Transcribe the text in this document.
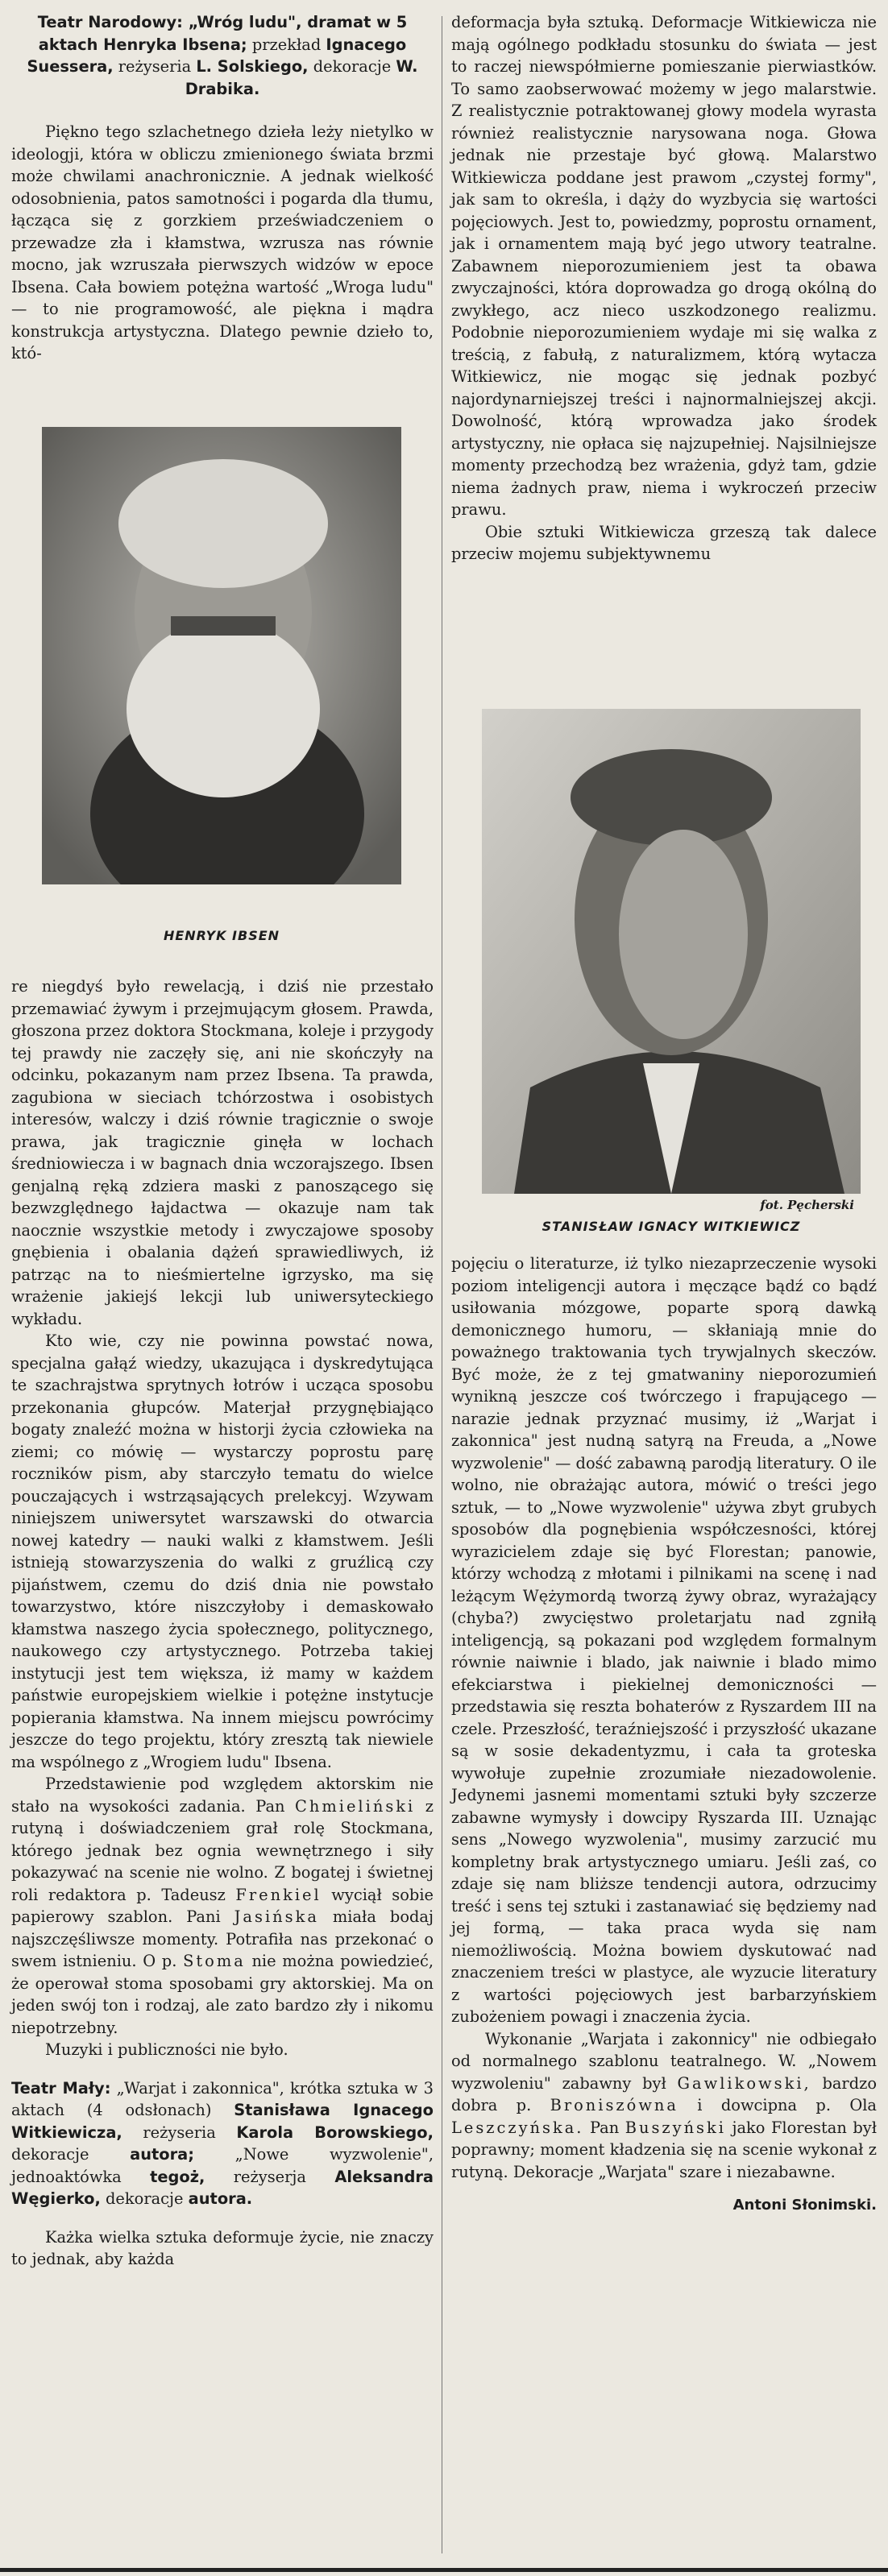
Teatr Narodowy: „Wróg ludu", dramat w 5 aktach Henryka Ibsena; przekład Ignacego Suessera, reżyseria L. Solskiego, dekoracje W. Drabika.

Piękno tego szlachetnego dzieła leży nietylko w ideologji, która w obliczu zmienionego świata brzmi może chwilami anachronicznie. A jednak wielkość odosobnienia, patos samotności i pogarda dla tłumu, łącząca się z gorzkiem przeświadczeniem o przewadze zła i kłamstwa, wzrusza nas równie mocno, jak wzruszała pierwszych widzów w epoce Ibsena. Cała bowiem potężna wartość „Wroga ludu" — to nie programowość, ale piękna i mądra konstrukcja artystyczna. Dlatego pewnie dzieło to, któ-

HENRYK IBSEN

re niegdyś było rewelacją, i dziś nie przestało przemawiać żywym i przejmującym głosem. Prawda, głoszona przez doktora Stockmana, koleje i przygody tej prawdy nie zaczęły się, ani nie skończyły na odcinku, pokazanym nam przez Ibsena. Ta prawda, zagubiona w sieciach tchórzostwa i osobistych interesów, walczy i dziś równie tragicznie o swoje prawa, jak tragicznie ginęła w lochach średniowiecza i w bagnach dnia wczorajszego. Ibsen genjalną ręką zdziera maski z panoszącego się bezwzględnego łajdactwa — okazuje nam tak naocznie wszystkie metody i zwyczajowe sposoby gnębienia i obalania dążeń sprawiedliwych, iż patrząc na to nieśmiertelne igrzysko, ma się wrażenie jakiejś lekcji lub uniwersyteckiego wykładu.

Kto wie, czy nie powinna powstać nowa, specjalna gałąź wiedzy, ukazująca i dyskredytująca te szachrajstwa sprytnych łotrów i ucząca sposobu przekonania głupców. Materjał przygnębiająco bogaty znaleźć można w historji życia człowieka na ziemi; co mówię — wystarczy poprostu parę roczników pism, aby starczyło tematu do wielce pouczających i wstrząsających prelekcyj. Wzywam niniejszem uniwersytet warszawski do otwarcia nowej katedry — nauki walki z kłamstwem. Jeśli istnieją stowarzyszenia do walki z gruźlicą czy pijaństwem, czemu do dziś dnia nie powstało towarzystwo, które niszczyłoby i demaskowało kłamstwa naszego życia społecznego, politycznego, naukowego czy artystycznego. Potrzeba takiej instytucji jest tem większa, iż mamy w każdem państwie europejskiem wielkie i potężne instytucje popierania kłamstwa. Na innem miejscu powrócimy jeszcze do tego projektu, który zresztą tak niewiele ma wspólnego z „Wrogiem ludu" Ibsena.

Przedstawienie pod względem aktorskim nie stało na wysokości zadania. Pan Chmieliński z rutyną i doświadczeniem grał rolę Stockmana, którego jednak bez ognia wewnętrznego i siły pokazywać na scenie nie wolno. Z bogatej i świetnej roli redaktora p. Tadeusz Frenkiel wyciął sobie papierowy szablon. Pani Jasińska miała bodaj najszczęśliwsze momenty. Potrafiła nas przekonać o swem istnieniu. O p. Stoma nie można powiedzieć, że operował stoma sposobami gry aktorskiej. Ma on jeden swój ton i rodzaj, ale zato bardzo zły i nikomu niepotrzebny.

Muzyki i publiczności nie było.

Teatr Mały: „Warjat i zakonnica", krótka sztuka w 3 aktach (4 odsłonach) Stanisława Ignacego Witkiewicza, reżyseria Karola Borowskiego, dekoracje autora; „Nowe wyzwolenie", jednoaktówka tegoż, reżyserja Aleksandra Węgierko, dekoracje autora.

Każka wielka sztuka deformuje życie, nie znaczy to jednak, aby każda

deformacja była sztuką. Deformacje Witkiewicza nie mają ogólnego podkładu stosunku do świata — jest to raczej niewspółmierne pomieszanie pierwiastków. To samo zaobserwować możemy w jego malarstwie. Z realistycznie potraktowanej głowy modela wyrasta również realistycznie narysowana noga. Głowa jednak nie przestaje być głową. Malarstwo Witkiewicza poddane jest prawom „czystej formy", jak sam to określa, i dąży do wyzbycia się wartości pojęciowych. Jest to, powiedzmy, poprostu ornament, jak i ornamentem mają być jego utwory teatralne. Zabawnem nieporozumieniem jest ta obawa zwyczajności, która doprowadza go drogą okólną do zwykłego, acz nieco uszkodzonego realizmu. Podobnie nieporozumieniem wydaje mi się walka z treścią, z fabułą, z naturalizmem, którą wytacza Witkiewicz, nie mogąc się jednak pozbyć najordynarniejszej treści i najnormalniejszej akcji. Dowolność, którą wprowadza jako środek artystyczny, nie opłaca się najzupełniej. Najsilniejsze momenty przechodzą bez wrażenia, gdyż tam, gdzie niema żadnych praw, niema i wykroczeń przeciw prawu.

Obie sztuki Witkiewicza grzeszą tak dalece przeciw mojemu subjektywnemu

fot. Pęcherski
STANISŁAW IGNACY WITKIEWICZ

pojęciu o literaturze, iż tylko niezaprzeczenie wysoki poziom inteligencji autora i męczące bądź co bądź usiłowania mózgowe, poparte sporą dawką demonicznego humoru, — skłaniają mnie do poważnego traktowania tych trywjalnych skeczów. Być może, że z tej gmatwaniny nieporozumień wynikną jeszcze coś twórczego i frapującego — narazie jednak przyznać musimy, iż „Warjat i zakonnica" jest nudną satyrą na Freuda, a „Nowe wyzwolenie" — dość zabawną parodją literatury. O ile wolno, nie obrażając autora, mówić o treści jego sztuk, — to „Nowe wyzwolenie" używa zbyt grubych sposobów dla pognębienia współczesności, której wyrazicielem zdaje się być Florestan; panowie, którzy wchodzą z młotami i pilnikami na scenę i nad leżącym Wężymordą tworzą żywy obraz, wyrażający (chyba?) zwycięstwo proletarjatu nad zgniłą inteligencją, są pokazani pod względem formalnym równie naiwnie i blado, jak naiwnie i blado mimo efekciarstwa i piekielnej demoniczności — przedstawia się reszta bohaterów z Ryszardem III na czele. Przeszłość, teraźniejszość i przyszłość ukazane są w sosie dekadentyzmu, i cała ta groteska wywołuje zupełnie zrozumiałe niezadowolenie. Jedynemi jasnemi momentami sztuki były szczerze zabawne wymysły i dowcipy Ryszarda III. Uznając sens „Nowego wyzwolenia", musimy zarzucić mu kompletny brak artystycznego umiaru. Jeśli zaś, co zdaje się nam bliższe tendencji autora, odrzucimy treść i sens tej sztuki i zastanawiać się będziemy nad jej formą, — taka praca wyda się nam niemożliwością. Można bowiem dyskutować nad znaczeniem treści w plastyce, ale wyzucie literatury z wartości pojęciowych jest barbarzyńskiem zubożeniem powagi i znaczenia życia.

Wykonanie „Warjata i zakonnicy" nie odbiegało od normalnego szablonu teatralnego. W. „Nowem wyzwoleniu" zabawny był Gawlikowski, bardzo dobra p. Broniszówna i dowcipna p. Ola Leszczyńska. Pan Buszyński jako Florestan był poprawny; moment kładzenia się na scenie wykonał z rutyną. Dekoracje „Warjata" szare i niezabawne.

Antoni Słonimski.
